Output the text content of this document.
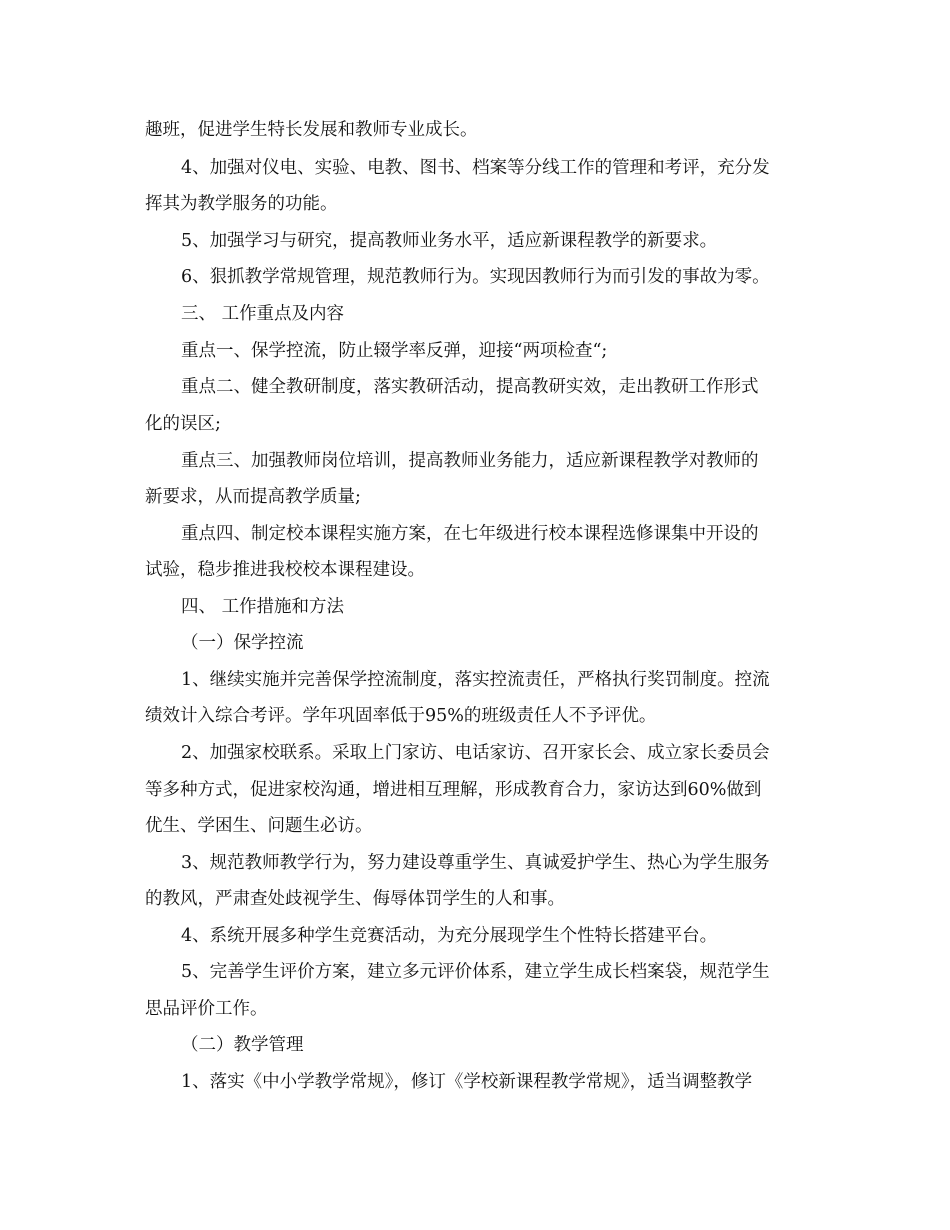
趣班，促进学生特长发展和教师专业成长。

4、加强对仪电、实验、电教、图书、档案等分线工作的管理和考评，充分发

挥其为教学服务的功能。

5、加强学习与研究，提高教师业务水平，适应新课程教学的新要求。

6、狠抓教学常规管理，规范教师行为。实现因教师行为而引发的事故为零。

三、 工作重点及内容

重点一、保学控流，防止辍学率反弹，迎接“两项检查“;

重点二、健全教研制度，落实教研活动，提高教研实效，走出教研工作形式

化的误区;

重点三、加强教师岗位培训，提高教师业务能力，适应新课程教学对教师的

新要求，从而提高教学质量;

重点四、制定校本课程实施方案，在七年级进行校本课程选修课集中开设的

试验，稳步推进我校校本课程建设。

四、 工作措施和方法

（一）保学控流

1、继续实施并完善保学控流制度，落实控流责任，严格执行奖罚制度。控流

绩效计入综合考评。学年巩固率低于95%的班级责任人不予评优。

2、加强家校联系。采取上门家访、电话家访、召开家长会、成立家长委员会

等多种方式，促进家校沟通，增进相互理解，形成教育合力，家访达到60%做到

优生、学困生、问题生必访。

3、规范教师教学行为，努力建设尊重学生、真诚爱护学生、热心为学生服务

的教风，严肃查处歧视学生、侮辱体罚学生的人和事。

4、系统开展多种学生竞赛活动，为充分展现学生个性特长搭建平台。

5、完善学生评价方案，建立多元评价体系，建立学生成长档案袋，规范学生

思品评价工作。

（二）教学管理

1、落实《中小学教学常规》，修订《学校新课程教学常规》，适当调整教学
